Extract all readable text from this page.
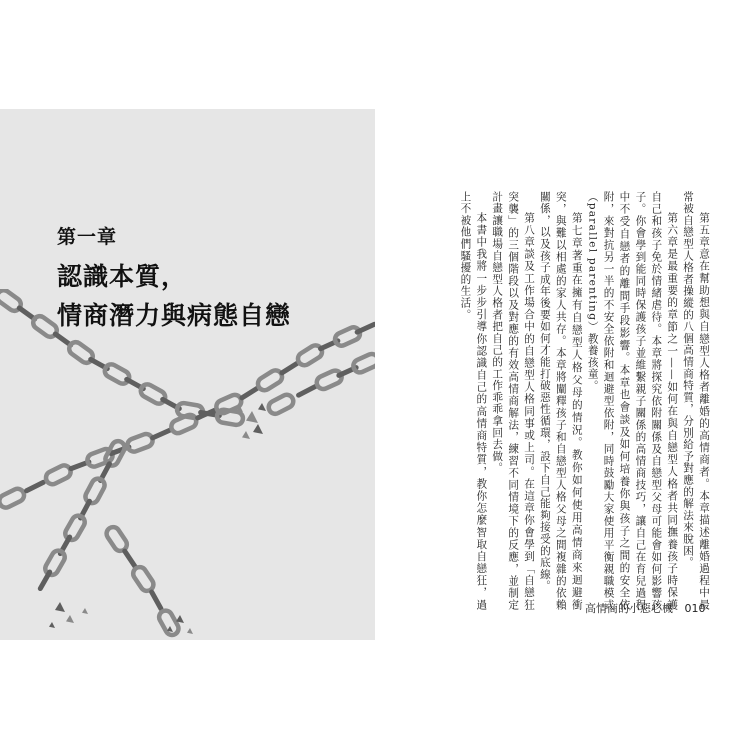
第一章
認識本質，
情商潛力與病態自戀	第五章意在幫助想與自戀型人格者離婚的高情商者。本章描述離婚過程中最常被自戀型人格者操縱的八個高情商特質，分別給予對應的解法來脫困。

第六章是最重要的章節之一——如何在與自戀型人格者共同撫養孩子時保護自己和孩子免於情緒虐待。本章將探究依附關係及自戀型父母可能會如何影響孩子。你會學到能同時保護孩子並維繫親子關係的高情商技巧，讓自己在育兒過程中不受自戀者的離間手段影響。本章也會談及如何培養你與孩子之間的安全依附，來對抗另一半的不安全依附和迴避型依附，同時鼓勵大家使用平衡親職模式（parallel parenting）教養孩童。

第七章著重在擁有自戀型人格父母的情況。教你如何使用高情商來迴避衝突，與難以相處的家人共存。本章將闡釋孩子和自戀型人格父母之間複雜的依賴關係，以及孩子成年後要如何才能打破惡性循環，設下自己能夠接受的底線。

第八章談及工作場合中的自戀型人格同事或上司。在這章你會學到「自戀狂突襲」的三個階段以及對應的有效高情商解法，練習不同情境下的反應，並制定計畫讓職場自戀型人格者把自己的工作乖乖拿回去做。

本書中我將一步步引導你認識自己的高情商特質，教你怎麼智取自戀狂，過上不被他們騷擾的生活。

高情商的小惡心機 010
